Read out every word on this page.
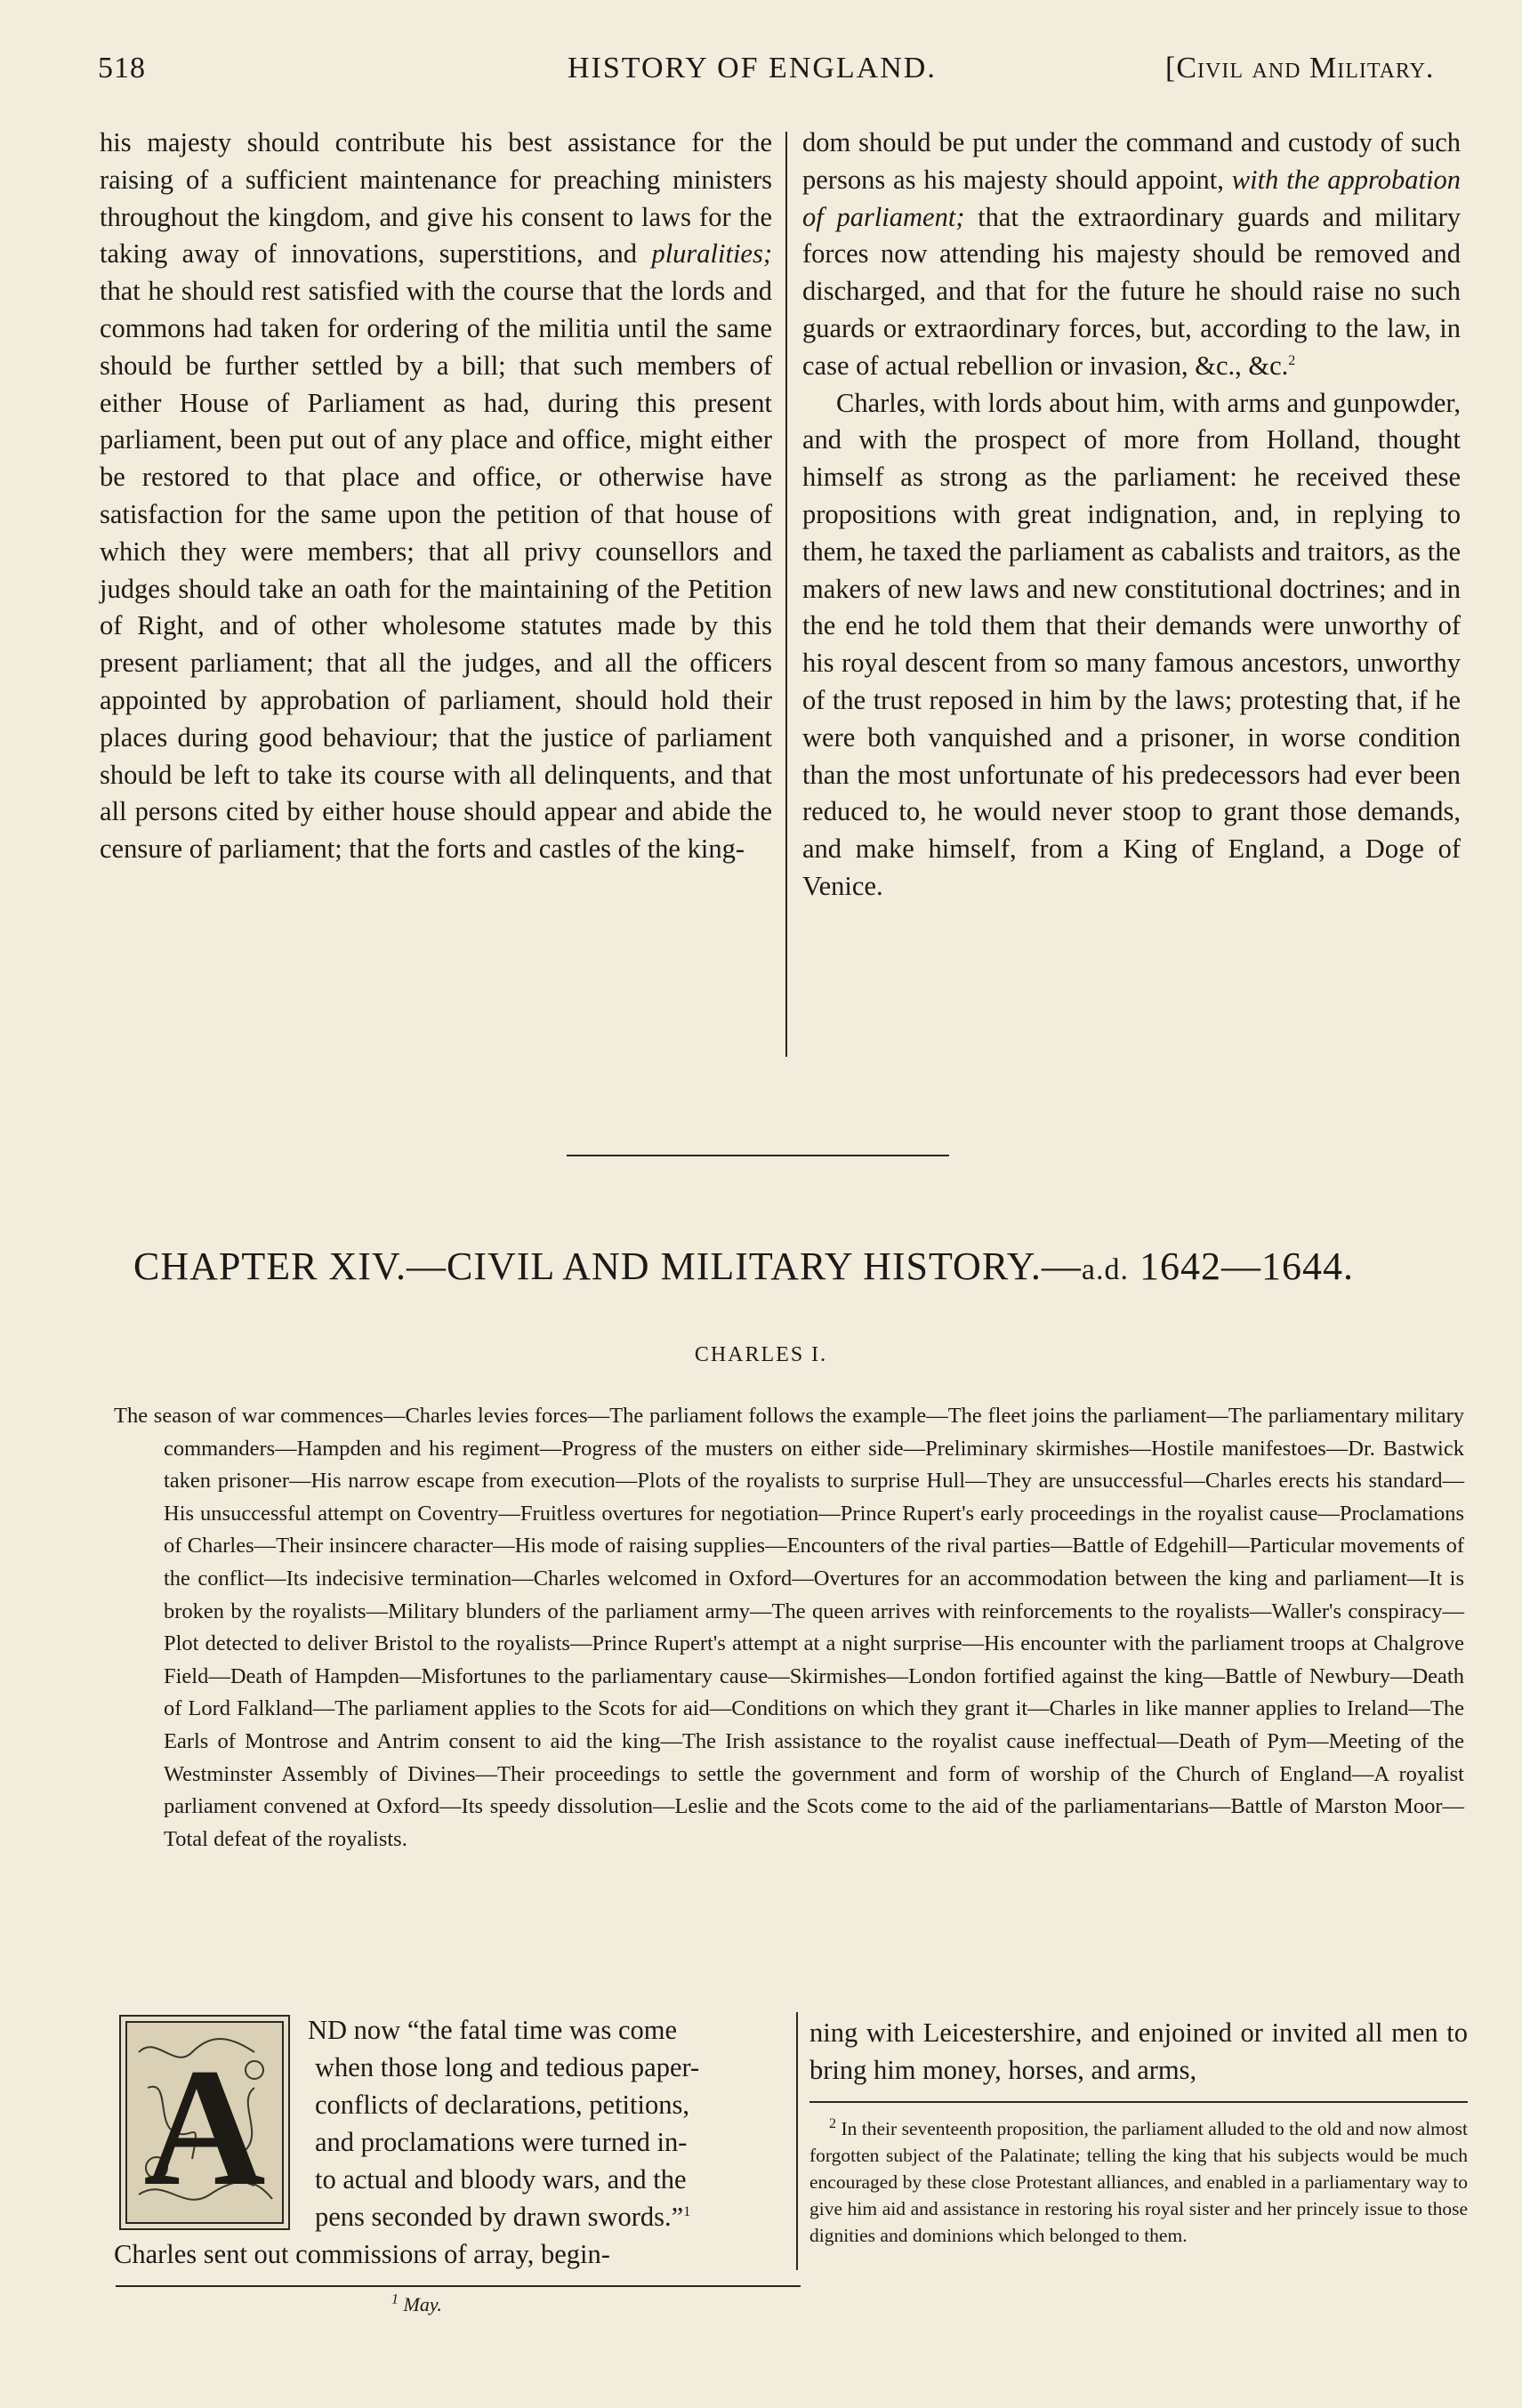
518	HISTORY OF ENGLAND.	[Civil and Military.

his majesty should contribute his best assistance for the raising of a sufficient maintenance for preaching ministers throughout the kingdom, and give his consent to laws for the taking away of innovations, superstitions, and pluralities; that he should rest satisfied with the course that the lords and commons had taken for ordering of the militia until the same should be further settled by a bill; that such members of either House of Parliament as had, during this present parliament, been put out of any place and office, might either be restored to that place and office, or otherwise have satisfaction for the same upon the petition of that house of which they were members; that all privy counsellors and judges should take an oath for the maintaining of the Petition of Right, and of other wholesome statutes made by this present parliament; that all the judges, and all the officers appointed by approbation of parliament, should hold their places during good behaviour; that the justice of parliament should be left to take its course with all delinquents, and that all persons cited by either house should appear and abide the censure of parliament; that the forts and castles of the king-

dom should be put under the command and custody of such persons as his majesty should appoint, with the approbation of parliament; that the extraordinary guards and military forces now attending his majesty should be removed and discharged, and that for the future he should raise no such guards or extraordinary forces, but, according to the law, in case of actual rebellion or invasion, &c., &c.$^2$

Charles, with lords about him, with arms and gunpowder, and with the prospect of more from Holland, thought himself as strong as the parliament: he received these propositions with great indignation, and, in replying to them, he taxed the parliament as cabalists and traitors, as the makers of new laws and new constitutional doctrines; and in the end he told them that their demands were unworthy of his royal descent from so many famous ancestors, unworthy of the trust reposed in him by the laws; protesting that, if he were both vanquished and a prisoner, in worse condition than the most unfortunate of his predecessors had ever been reduced to, he would never stoop to grant those demands, and make himself, from a King of England, a Doge of Venice.

CHAPTER XIV.—CIVIL AND MILITARY HISTORY.—a.d. 1642—1644.
CHARLES I.

The season of war commences—Charles levies forces—The parliament follows the example—The fleet joins the parliament—The parliamentary military commanders—Hampden and his regiment—Progress of the musters on either side—Preliminary skirmishes—Hostile manifestoes—Dr. Bastwick taken prisoner—His narrow escape from execution—Plots of the royalists to surprise Hull—They are unsuccessful—Charles erects his standard—His unsuccessful attempt on Coventry—Fruitless overtures for negotiation—Prince Rupert's early proceedings in the royalist cause—Proclamations of Charles—Their insincere character—His mode of raising supplies—Encounters of the rival parties—Battle of Edgehill—Particular movements of the conflict—Its indecisive termination—Charles welcomed in Oxford—Overtures for an accommodation between the king and parliament—It is broken by the royalists—Military blunders of the parliament army—The queen arrives with reinforcements to the royalists—Waller's conspiracy—Plot detected to deliver Bristol to the royalists—Prince Rupert's attempt at a night surprise—His encounter with the parliament troops at Chalgrove Field—Death of Hampden—Misfortunes to the parliamentary cause—Skirmishes—London fortified against the king—Battle of Newbury—Death of Lord Falkland—The parliament applies to the Scots for aid—Conditions on which they grant it—Charles in like manner applies to Ireland—The Earls of Montrose and Antrim consent to aid the king—The Irish assistance to the royalist cause ineffectual—Death of Pym—Meeting of the Westminster Assembly of Divines—Their proceedings to settle the government and form of worship of the Church of England—A royalist parliament convened at Oxford—Its speedy dissolution—Leslie and the Scots come to the aid of the parliamentarians—Battle of Marston Moor—Total defeat of the royalists.

A
ND now “the fatal time was come
when those long and tedious paper-
conflicts of declarations, petitions,
and proclamations were turned in-
to actual and bloody wars, and the
pens seconded by drawn swords.”$^1$
Charles sent out commissions of array, begin-

ning with Leicestershire, and enjoined or invited all men to bring him money, horses, and arms,

$^2$ In their seventeenth proposition, the parliament alluded to the old and now almost forgotten subject of the Palatinate; telling the king that his subjects would be much encouraged by these close Protestant alliances, and enabled in a parliamentary way to give him aid and assistance in restoring his royal sister and her princely issue to those dignities and dominions which belonged to them.
$^1$ May.
